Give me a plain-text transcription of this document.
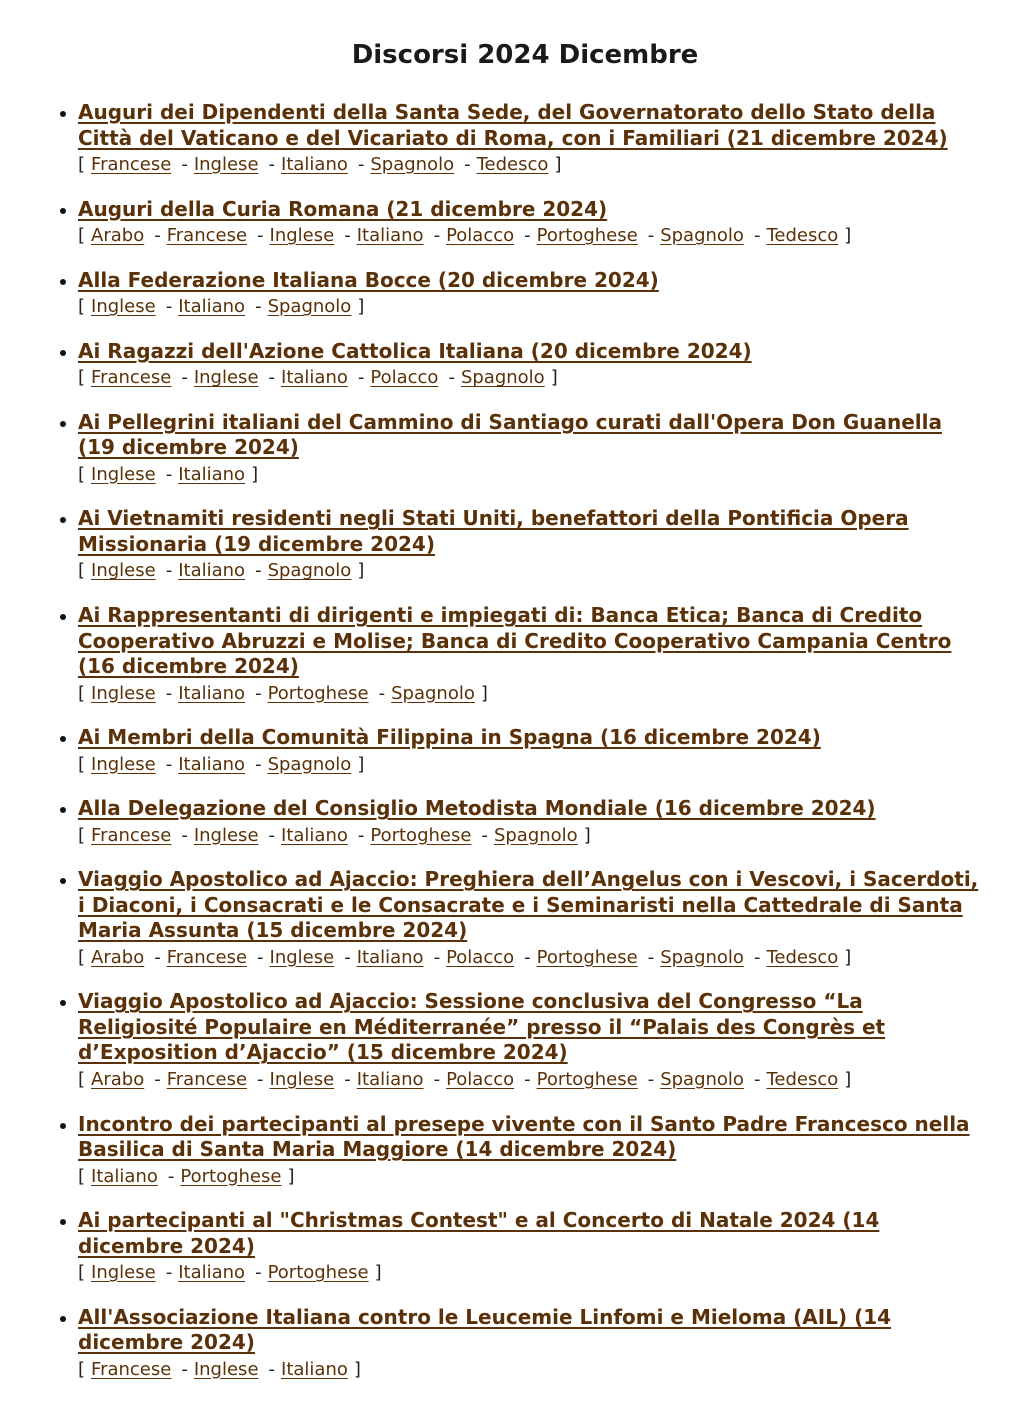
Discorsi 2024 Dicembre
Auguri dei Dipendenti della Santa Sede, del Governatorato dello Stato della Città del Vaticano e del Vicariato di Roma, con i Familiari (21 dicembre 2024)
[ Francese - Inglese - Italiano - Spagnolo - Tedesco ]
Auguri della Curia Romana (21 dicembre 2024)
[ Arabo - Francese - Inglese - Italiano - Polacco - Portoghese - Spagnolo - Tedesco ]
Alla Federazione Italiana Bocce (20 dicembre 2024)
[ Inglese - Italiano - Spagnolo ]
Ai Ragazzi dell'Azione Cattolica Italiana (20 dicembre 2024)
[ Francese - Inglese - Italiano - Polacco - Spagnolo ]
Ai Pellegrini italiani del Cammino di Santiago curati dall'Opera Don Guanella (19 dicembre 2024)
[ Inglese - Italiano ]
Ai Vietnamiti residenti negli Stati Uniti, benefattori della Pontificia Opera Missionaria (19 dicembre 2024)
[ Inglese - Italiano - Spagnolo ]
Ai Rappresentanti di dirigenti e impiegati di: Banca Etica; Banca di Credito Cooperativo Abruzzi e Molise; Banca di Credito Cooperativo Campania Centro (16 dicembre 2024)
[ Inglese - Italiano - Portoghese - Spagnolo ]
Ai Membri della Comunità Filippina in Spagna (16 dicembre 2024)
[ Inglese - Italiano - Spagnolo ]
Alla Delegazione del Consiglio Metodista Mondiale (16 dicembre 2024)
[ Francese - Inglese - Italiano - Portoghese - Spagnolo ]
Viaggio Apostolico ad Ajaccio: Preghiera dell’Angelus con i Vescovi, i Sacerdoti, i Diaconi, i Consacrati e le Consacrate e i Seminaristi nella Cattedrale di Santa Maria Assunta (15 dicembre 2024)
[ Arabo - Francese - Inglese - Italiano - Polacco - Portoghese - Spagnolo - Tedesco ]
Viaggio Apostolico ad Ajaccio: Sessione conclusiva del Congresso “La Religiosité Populaire en Méditerranée” presso il “Palais des Congrès et d’Exposition d’Ajaccio” (15 dicembre 2024)
[ Arabo - Francese - Inglese - Italiano - Polacco - Portoghese - Spagnolo - Tedesco ]
Incontro dei partecipanti al presepe vivente con il Santo Padre Francesco nella Basilica di Santa Maria Maggiore (14 dicembre 2024)
[ Italiano - Portoghese ]
Ai partecipanti al "Christmas Contest" e al Concerto di Natale 2024 (14 dicembre 2024)
[ Inglese - Italiano - Portoghese ]
All'Associazione Italiana contro le Leucemie Linfomi e Mieloma (AIL) (14 dicembre 2024)
[ Francese - Inglese - Italiano ]
